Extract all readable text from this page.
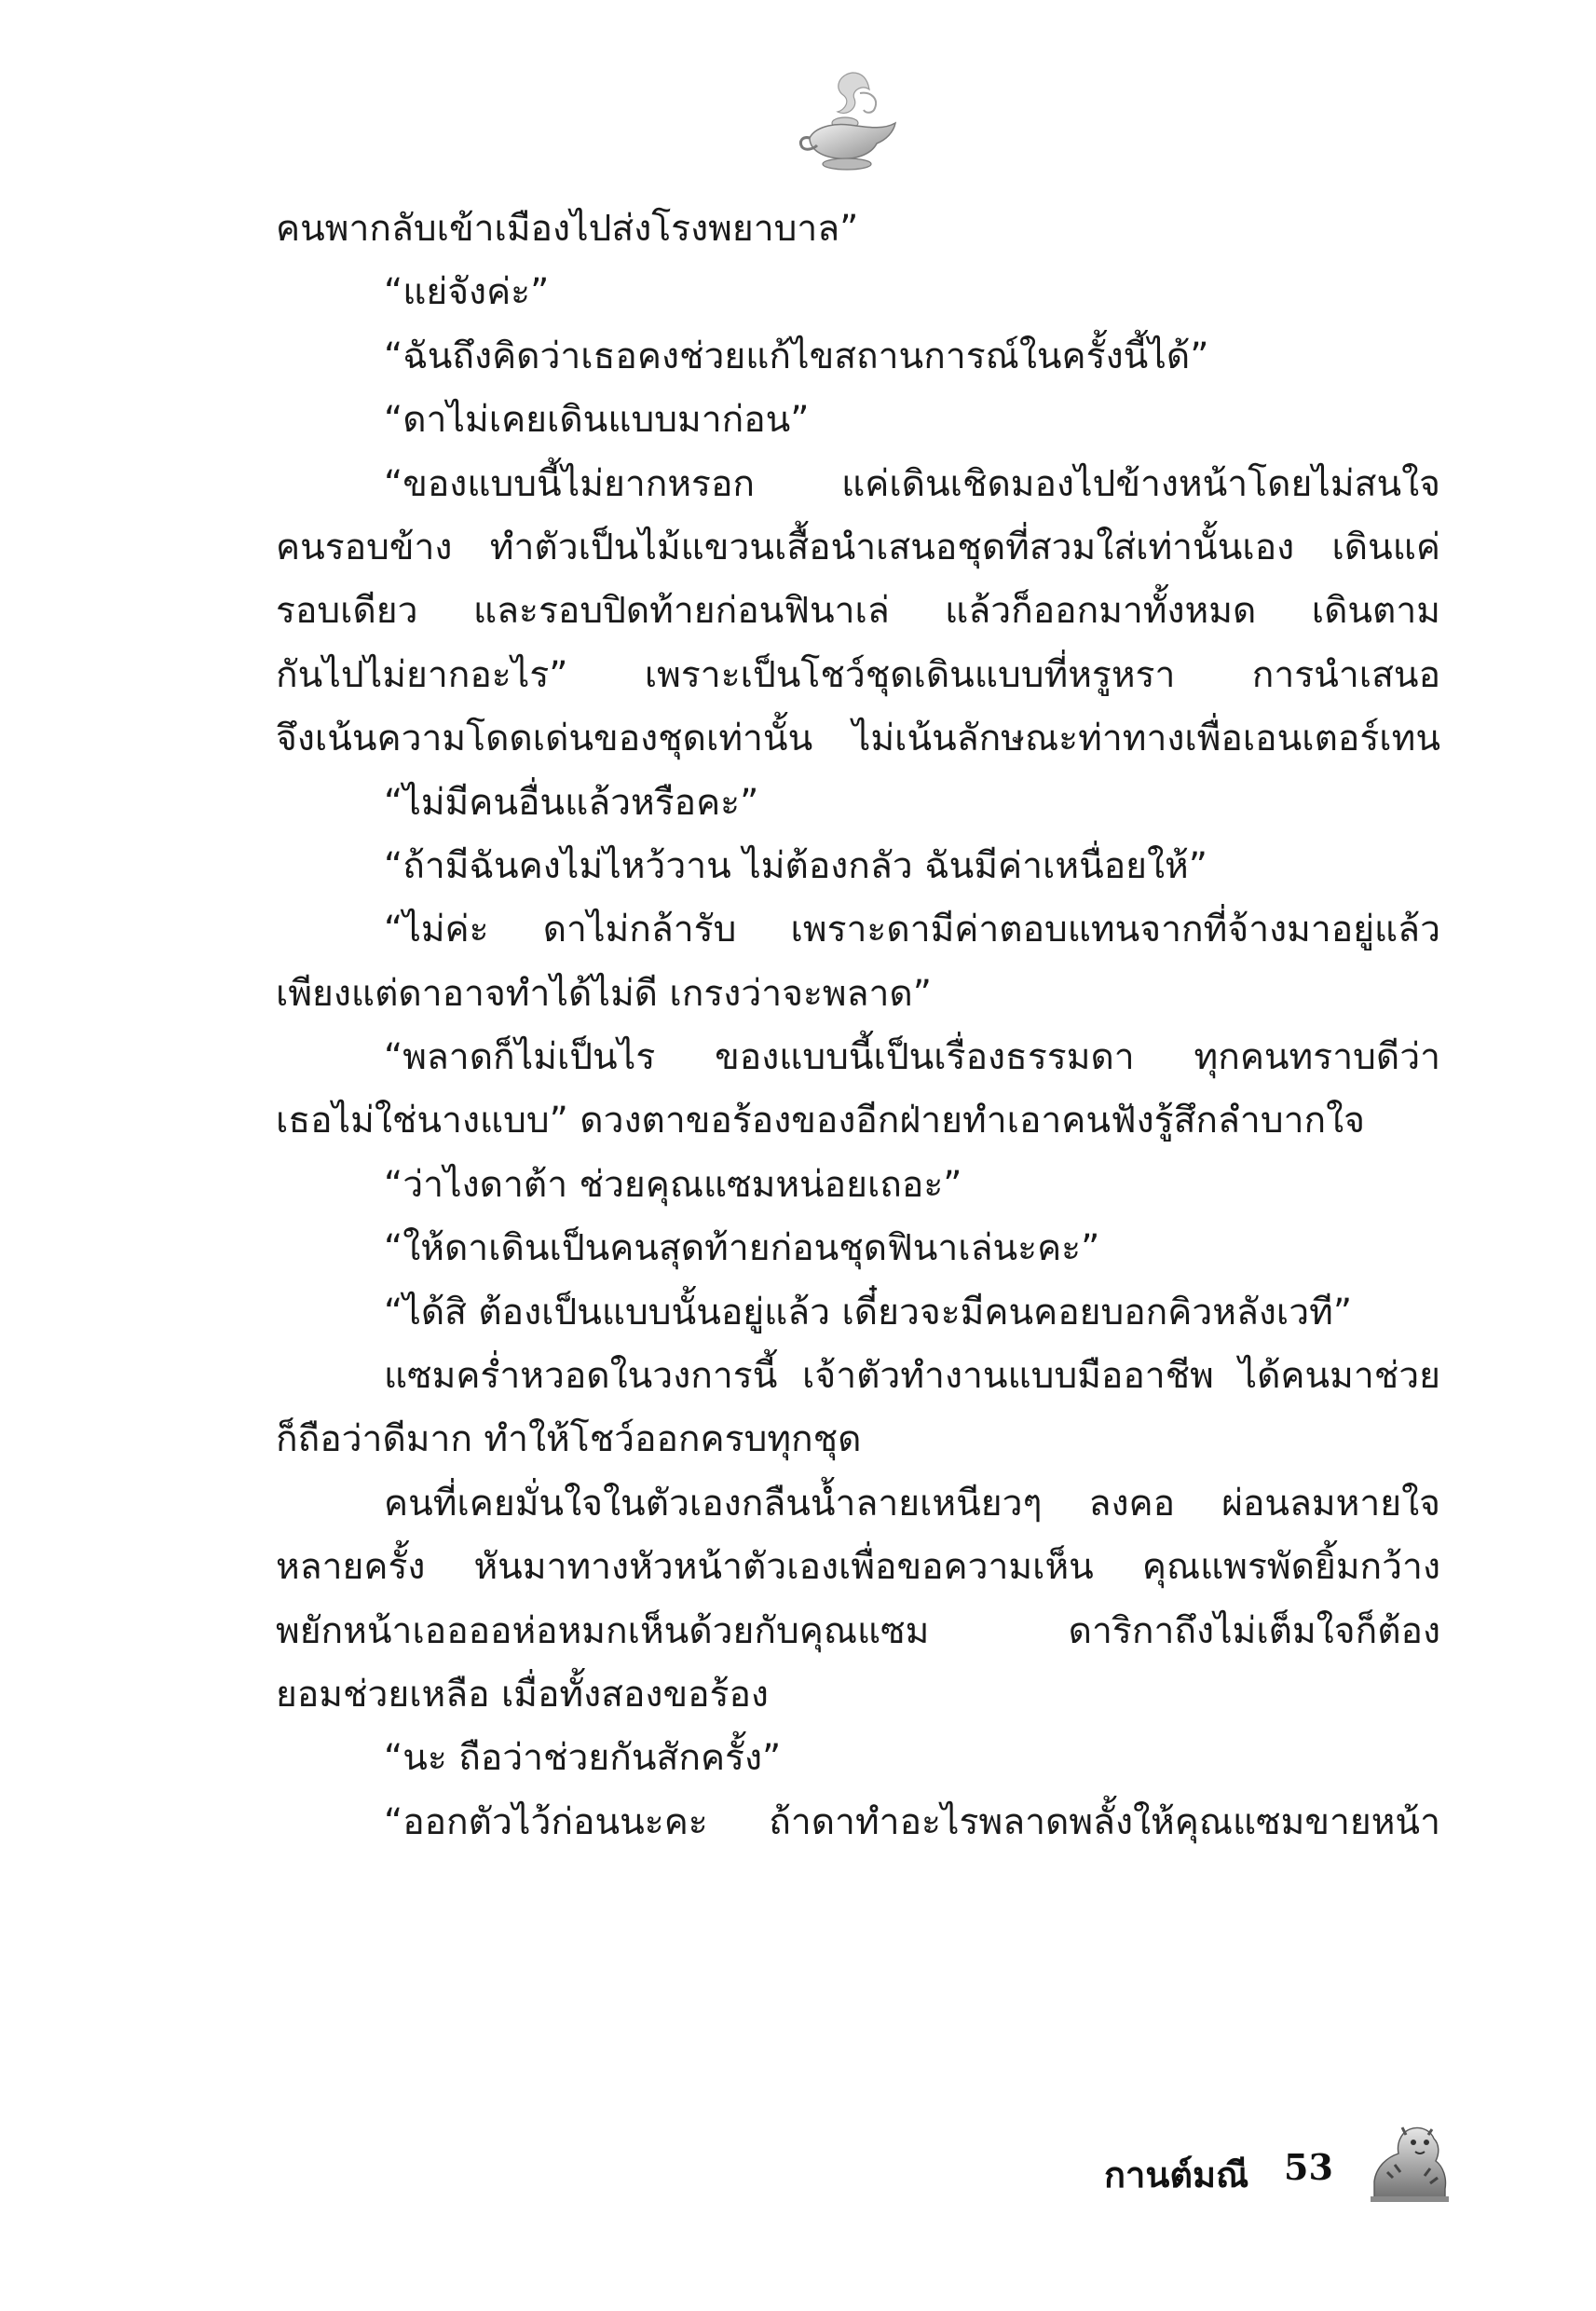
คนพากลับเข้าเมืองไปส่งโรงพยาบาล”
“แย่จังค่ะ”
“ฉันถึงคิดว่าเธอคงช่วยแก้ไขสถานการณ์ในครั้งนี้ได้”
“ดาไม่เคยเดินแบบมาก่อน”
“ของแบบนี้ไม่ยากหรอก แค่เดินเชิดมองไปข้างหน้าโดยไม่สนใจ
คนรอบข้าง ทำตัวเป็นไม้แขวนเสื้อนำเสนอชุดที่สวมใส่เท่านั้นเอง เดินแค่
รอบเดียว และรอบปิดท้ายก่อนฟินาเล่ แล้วก็ออกมาทั้งหมด เดินตาม
กันไปไม่ยากอะไร” เพราะเป็นโชว์ชุดเดินแบบที่หรูหรา การนำเสนอ
จึงเน้นความโดดเด่นของชุดเท่านั้น ไม่เน้นลักษณะท่าทางเพื่อเอนเตอร์เทน
“ไม่มีคนอื่นแล้วหรือคะ”
“ถ้ามีฉันคงไม่ไหว้วาน ไม่ต้องกลัว ฉันมีค่าเหนื่อยให้”
“ไม่ค่ะ ดาไม่กล้ารับ เพราะดามีค่าตอบแทนจากที่จ้างมาอยู่แล้ว
เพียงแต่ดาอาจทำได้ไม่ดี เกรงว่าจะพลาด”
“พลาดก็ไม่เป็นไร ของแบบนี้เป็นเรื่องธรรมดา ทุกคนทราบดีว่า
เธอไม่ใช่นางแบบ” ดวงตาขอร้องของอีกฝ่ายทำเอาคนฟังรู้สึกลำบากใจ
“ว่าไงดาต้า ช่วยคุณแซมหน่อยเถอะ”
“ให้ดาเดินเป็นคนสุดท้ายก่อนชุดฟินาเล่นะคะ”
“ได้สิ ต้องเป็นแบบนั้นอยู่แล้ว เดี๋ยวจะมีคนคอยบอกคิวหลังเวที”
แซมคร่ำหวอดในวงการนี้ เจ้าตัวทำงานแบบมืออาชีพ ได้คนมาช่วย
ก็ถือว่าดีมาก ทำให้โชว์ออกครบทุกชุด
คนที่เคยมั่นใจในตัวเองกลืนน้ำลายเหนียวๆ ลงคอ ผ่อนลมหายใจ
หลายครั้ง หันมาทางหัวหน้าตัวเองเพื่อขอความเห็น คุณแพรพัดยิ้มกว้าง
พยักหน้าเออออห่อหมกเห็นด้วยกับคุณแซม ดาริกาถึงไม่เต็มใจก็ต้อง
ยอมช่วยเหลือ เมื่อทั้งสองขอร้อง
“นะ ถือว่าช่วยกันสักครั้ง”
“ออกตัวไว้ก่อนนะคะ ถ้าดาทำอะไรพลาดพลั้งให้คุณแซมขายหน้า
กานต์มณี 53
